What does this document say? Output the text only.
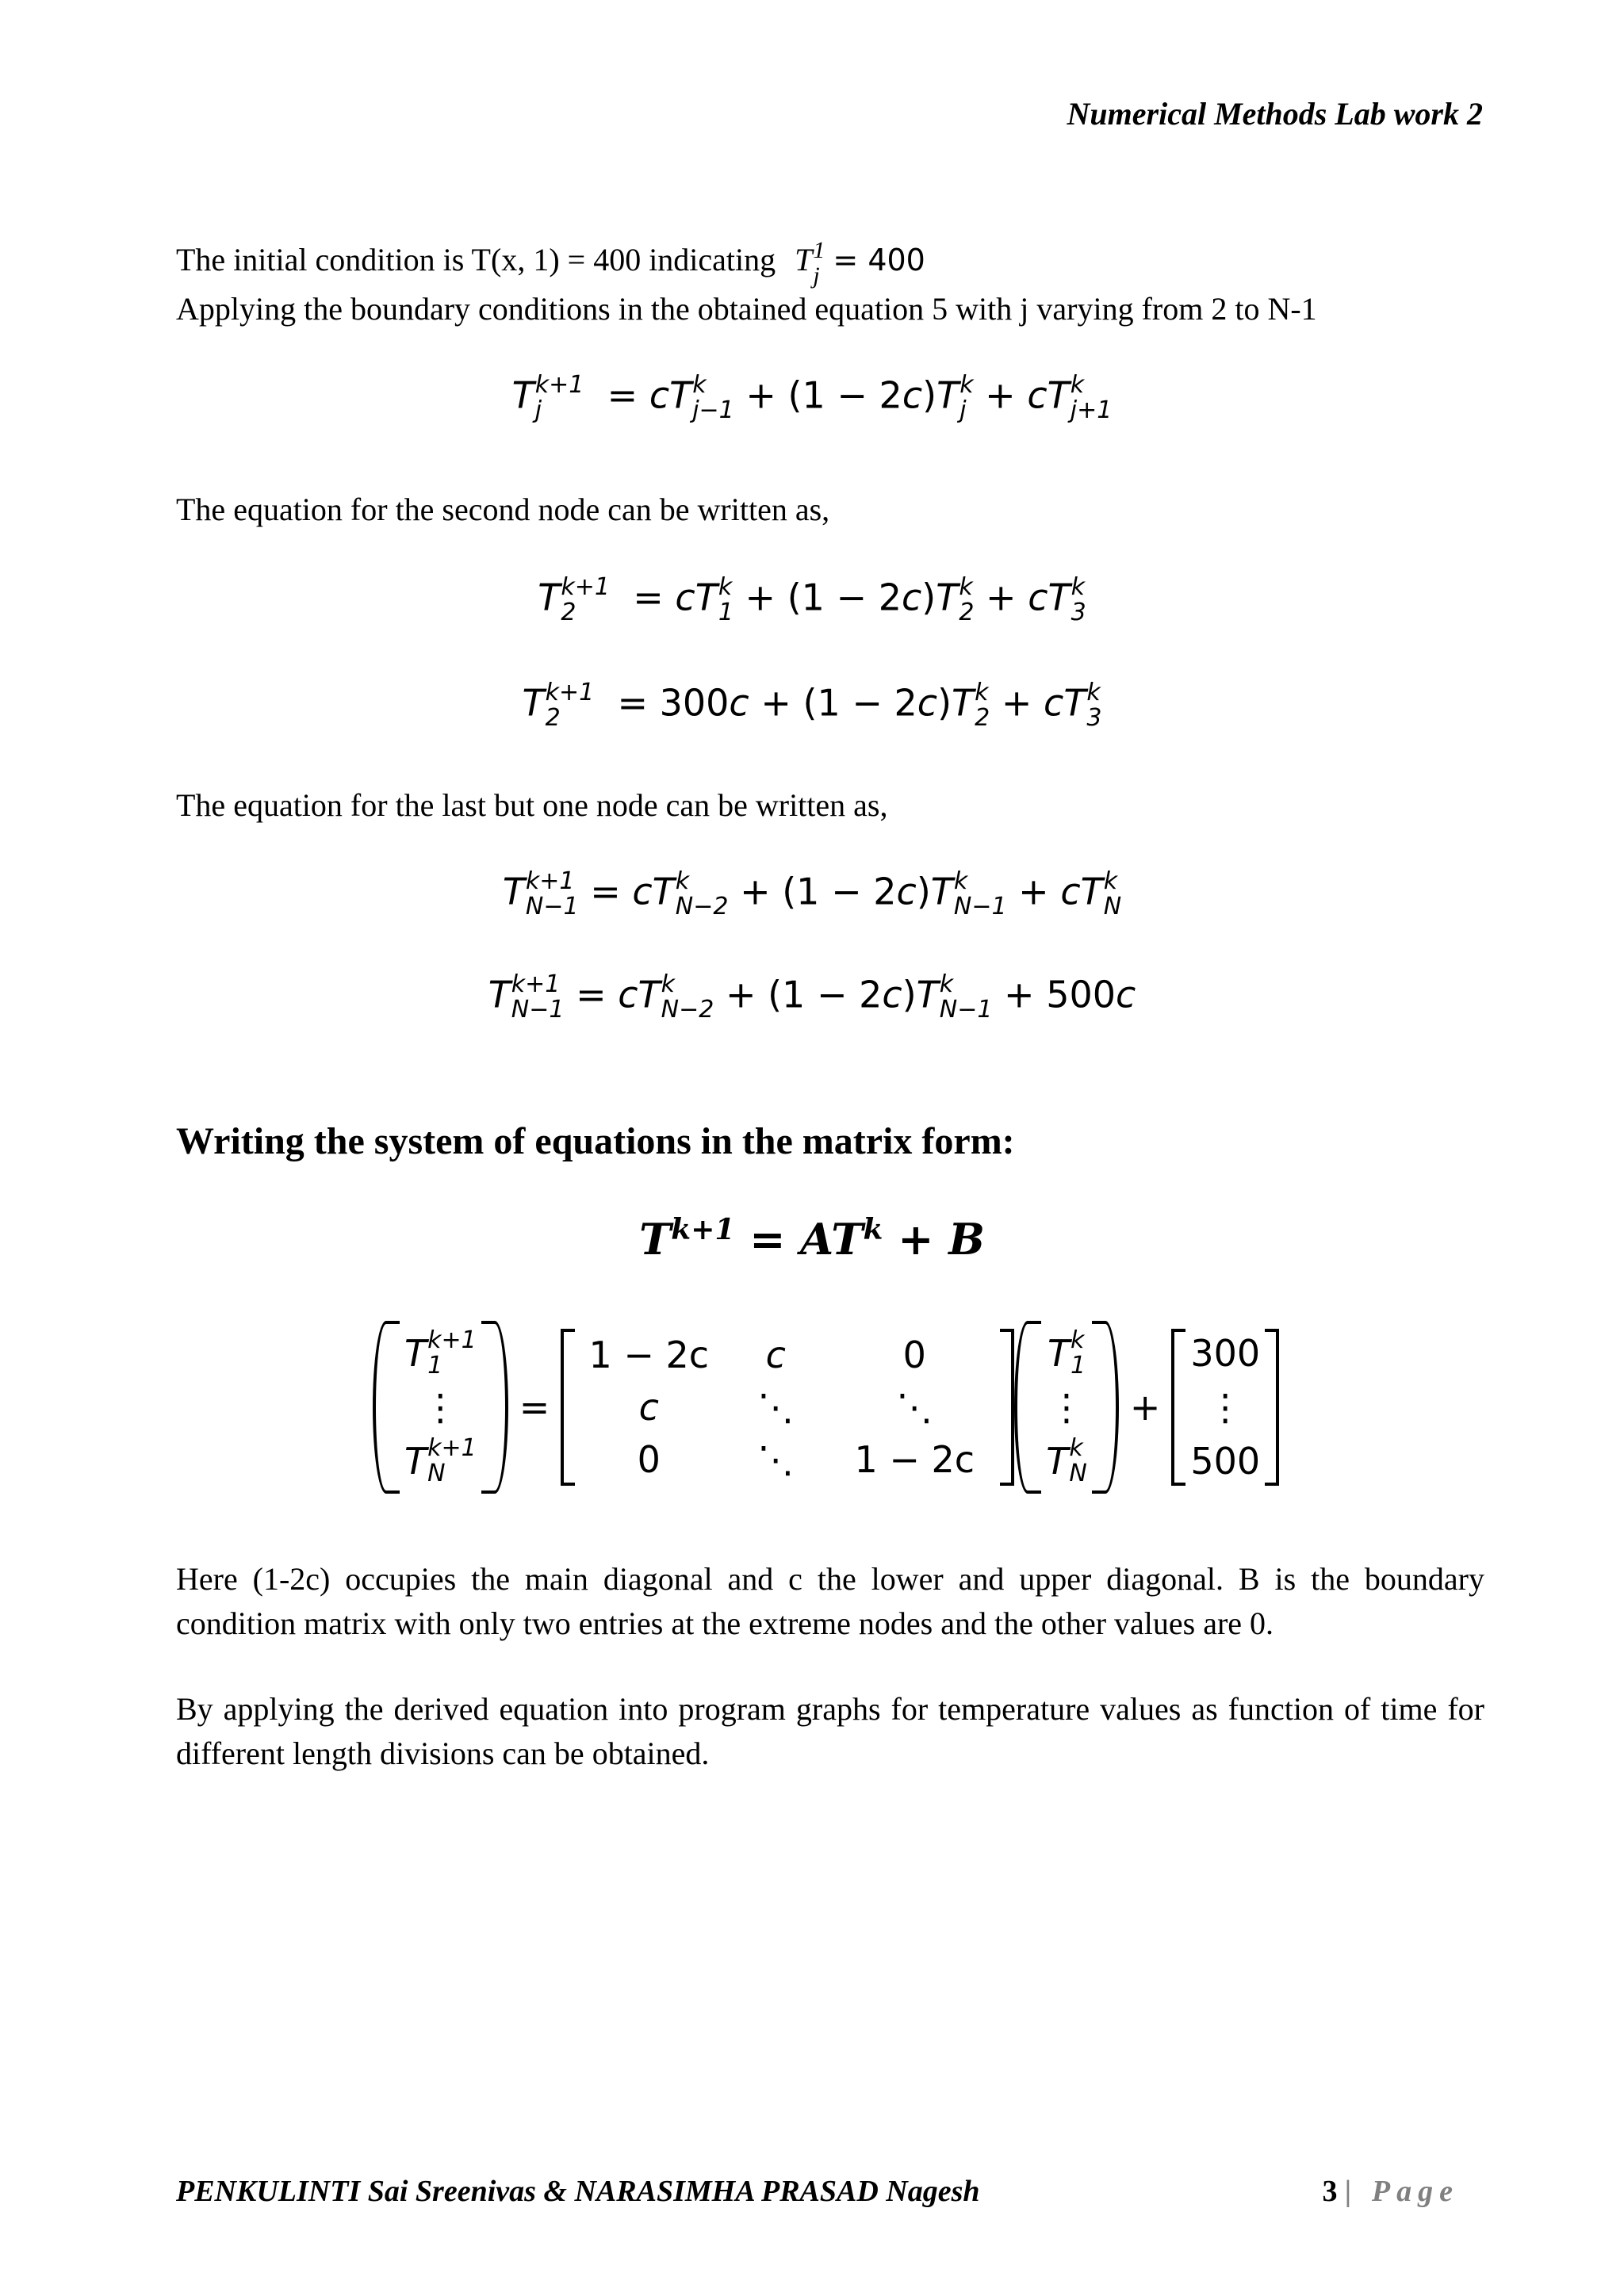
Numerical Methods Lab work 2
The initial condition is T(x, 1) = 400 indicating T 1
j = 400
Applying the boundary conditions in the obtained equation 5 with j varying from 2 to N-1
T k+1
j	= cT k
j−1 + (1 − 2c)T k
j + cT k
j+1
The equation for the second node can be written as,
T k+1
2 = cT k
1 + (1 − 2c)T k
2 + cT k
3
T k+1
2 = 300c + (1 − 2c)T k
2 + cT k
3
The equation for the last but one node can be written as,
T k+1
N−1 = cT k
N−2 + (1 − 2c)T k
N−1 + cT k
N
T k+1
N−1 = cT k
N−2 + (1 − 2c)T k
N−1 + 500c
Writing the system of equations in the matrix form:
$T^{k+1} = AT^k + B$
T k+1
1
⋮
T k+1
N
=
1 − 2c c	0
c	⋱	⋱
0	⋱ 1 − 2c
T k
1
⋮
T k
N
+
300
⋮
500
Here (1-2c) occupies the main diagonal and c the lower and upper diagonal. B is the boundary condition matrix with only two entries at the extreme nodes and the other values are 0.
By applying the derived equation into program graphs for temperature values as function of time for different length divisions can be obtained.
PENKULINTI Sai Sreenivas & NARASIMHA PRASAD Nagesh	3 | Page
